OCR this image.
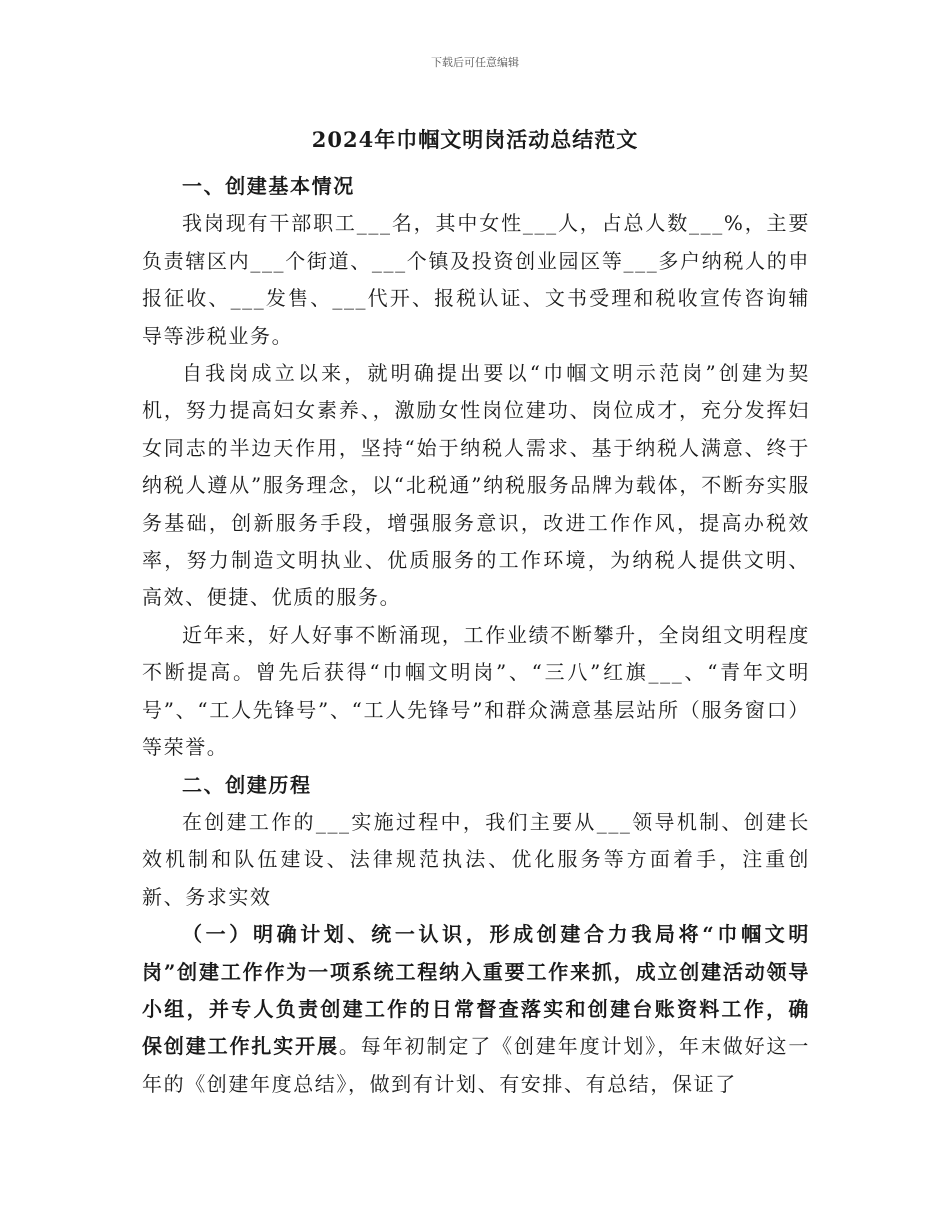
下载后可任意编辑
2024年巾帼文明岗活动总结范文
一、创建基本情况

我岗现有干部职工___名，其中女性___人，占总人数___%，主要负责辖区内___个街道、___个镇及投资创业园区等___多户纳税人的申报征收、___发售、___代开、报税认证、文书受理和税收宣传咨询辅导等涉税业务。

自我岗成立以来，就明确提出要以“巾帼文明示范岗”创建为契机，努力提高妇女素养、，激励女性岗位建功、岗位成才，充分发挥妇女同志的半边天作用，坚持“始于纳税人需求、基于纳税人满意、终于纳税人遵从”服务理念，以“北税通”纳税服务品牌为载体，不断夯实服务基础，创新服务手段，增强服务意识，改进工作作风，提高办税效率，努力制造文明执业、优质服务的工作环境，为纳税人提供文明、高效、便捷、优质的服务。

近年来，好人好事不断涌现，工作业绩不断攀升，全岗组文明程度不断提高。曾先后获得“巾帼文明岗”、“三八”红旗___、“青年文明号”、“工人先锋号”、“工人先锋号”和群众满意基层站所（服务窗口）等荣誉。

二、创建历程

在创建工作的___实施过程中，我们主要从___领导机制、创建长效机制和队伍建设、法律规范执法、优化服务等方面着手，注重创新、务求实效

（一）明确计划、统一认识，形成创建合力我局将“巾帼文明岗”创建工作作为一项系统工程纳入重要工作来抓，成立创建活动领导小组，并专人负责创建工作的日常督查落实和创建台账资料工作，确保创建工作扎实开展。每年初制定了《创建年度计划》，年末做好这一年的《创建年度总结》，做到有计划、有安排、有总结，保证了
